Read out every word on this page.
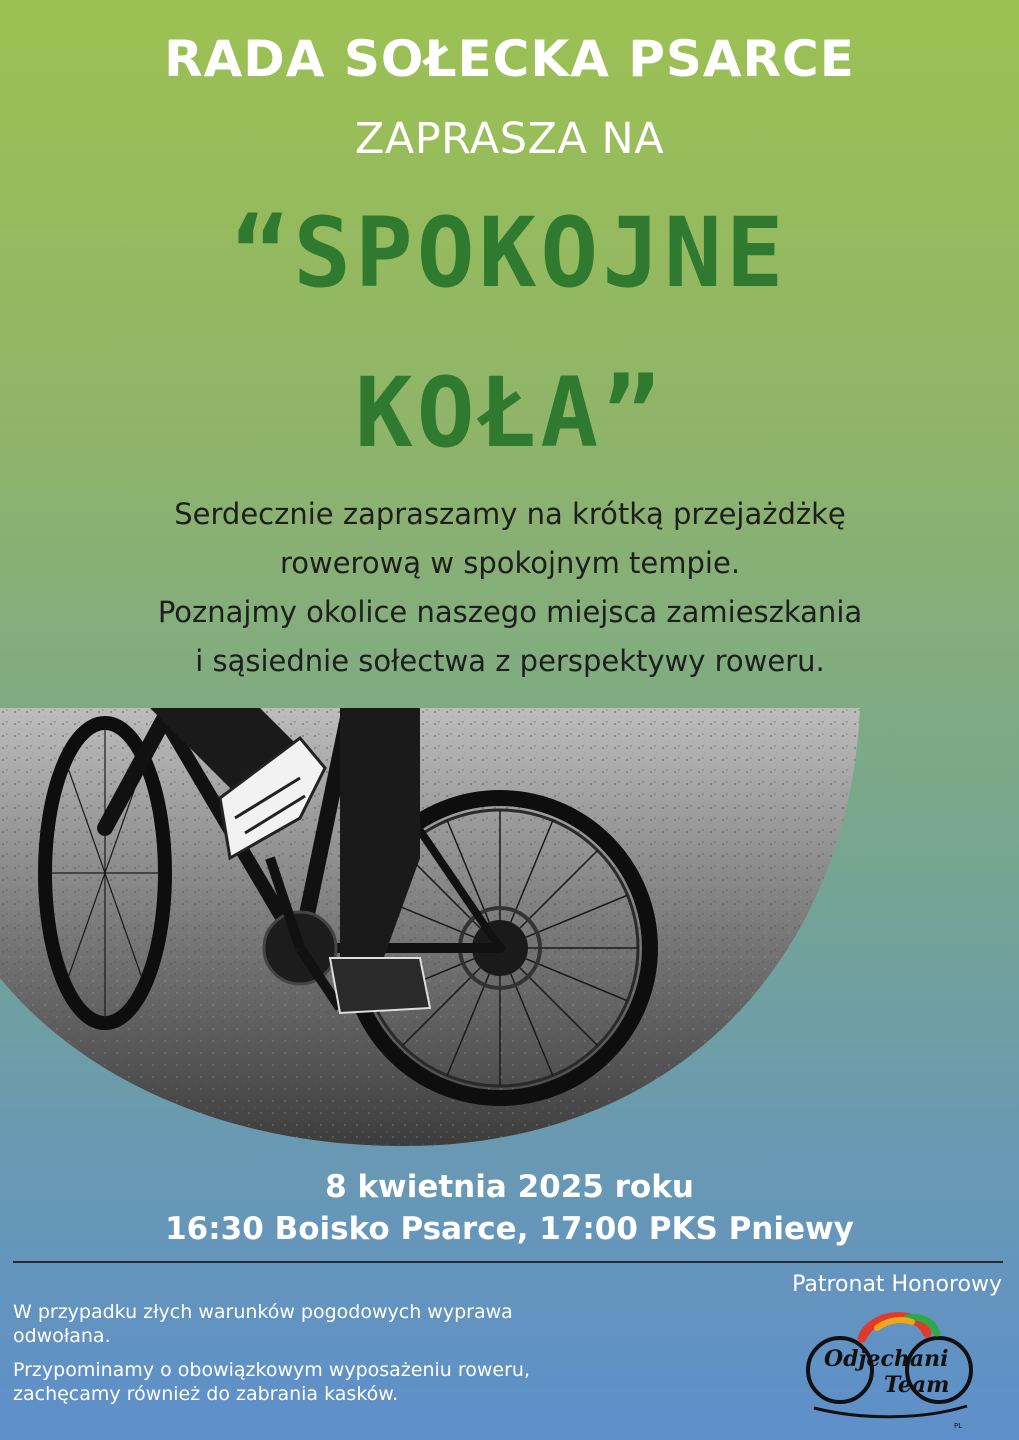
RADA SOŁECKA PSARCE
ZAPRASZA NA
“SPOKOJNE
KOŁA”
Serdecznie zapraszamy na krótką przejażdżkę
rowerową w spokojnym tempie.
Poznajmy okolice naszego miejsca zamieszkania
i sąsiednie sołectwa z perspektywy roweru.
8 kwietnia 2025 roku
16:30 Boisko Psarce, 17:00 PKS Pniewy
Patronat Honorowy

W przypadku złych warunków pogodowych wyprawa odwołana.

Przypominamy o obowiązkowym wyposażeniu roweru, zachęcamy również do zabrania kasków.

Odjechani
Team
PL
